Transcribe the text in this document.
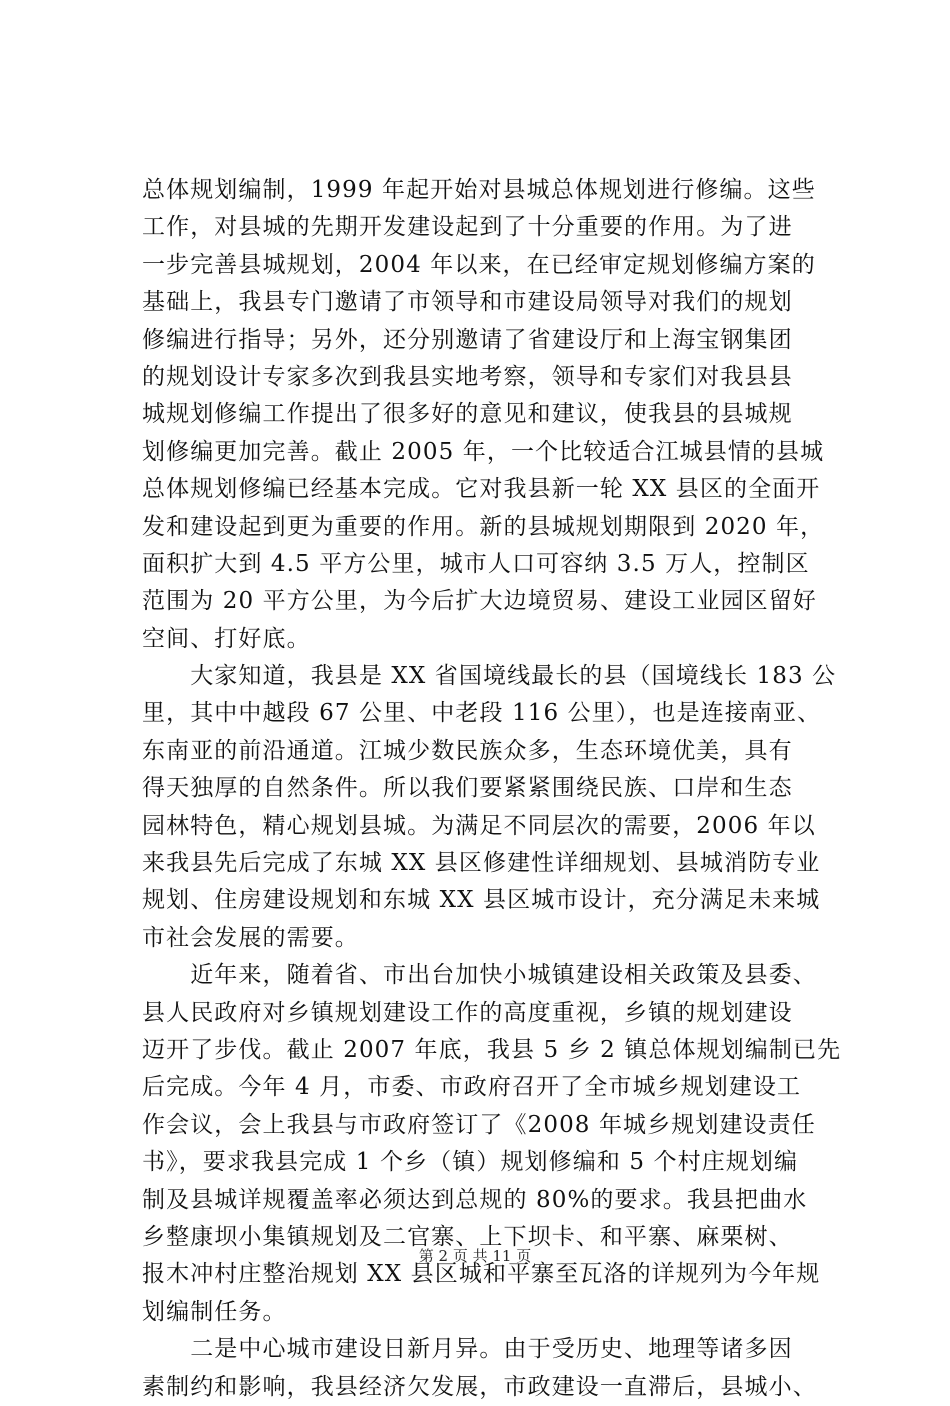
总体规划编制，1999 年起开始对县城总体规划进行修编。这些
工作，对县城的先期开发建设起到了十分重要的作用。为了进
一步完善县城规划，2004 年以来，在已经审定规划修编方案的
基础上，我县专门邀请了市领导和市建设局领导对我们的规划
修编进行指导；另外，还分别邀请了省建设厅和上海宝钢集团
的规划设计专家多次到我县实地考察，领导和专家们对我县县
城规划修编工作提出了很多好的意见和建议，使我县的县城规
划修编更加完善。截止 2005 年，一个比较适合江城县情的县城
总体规划修编已经基本完成。它对我县新一轮 XX 县区的全面开
发和建设起到更为重要的作用。新的县城规划期限到 2020 年，
面积扩大到 4.5 平方公里，城市人口可容纳 3.5 万人，控制区
范围为 20 平方公里，为今后扩大边境贸易、建设工业园区留好
空间、打好底。
　　大家知道，我县是 XX 省国境线最长的县（国境线长 183 公
里，其中中越段 67 公里、中老段 116 公里），也是连接南亚、
东南亚的前沿通道。江城少数民族众多，生态环境优美，具有
得天独厚的自然条件。所以我们要紧紧围绕民族、口岸和生态
园林特色，精心规划县城。为满足不同层次的需要，2006 年以
来我县先后完成了东城 XX 县区修建性详细规划、县城消防专业
规划、住房建设规划和东城 XX 县区城市设计，充分满足未来城
市社会发展的需要。
　　近年来，随着省、市出台加快小城镇建设相关政策及县委、
县人民政府对乡镇规划建设工作的高度重视，乡镇的规划建设
迈开了步伐。截止 2007 年底，我县 5 乡 2 镇总体规划编制已先
后完成。今年 4 月，市委、市政府召开了全市城乡规划建设工
作会议，会上我县与市政府签订了《2008 年城乡规划建设责任
书》，要求我县完成 1 个乡（镇）规划修编和 5 个村庄规划编
制及县城详规覆盖率必须达到总规的 80%的要求。我县把曲水
乡整康坝小集镇规划及二官寨、上下坝卡、和平寨、麻栗树、
报木冲村庄整治规划 XX 县区城和平寨至瓦洛的详规列为今年规
划编制任务。
　　二是中心城市建设日新月异。由于受历史、地理等诸多因
素制约和影响，我县经济欠发展，市政建设一直滞后，县城小、
第 2 页 共 11 页
